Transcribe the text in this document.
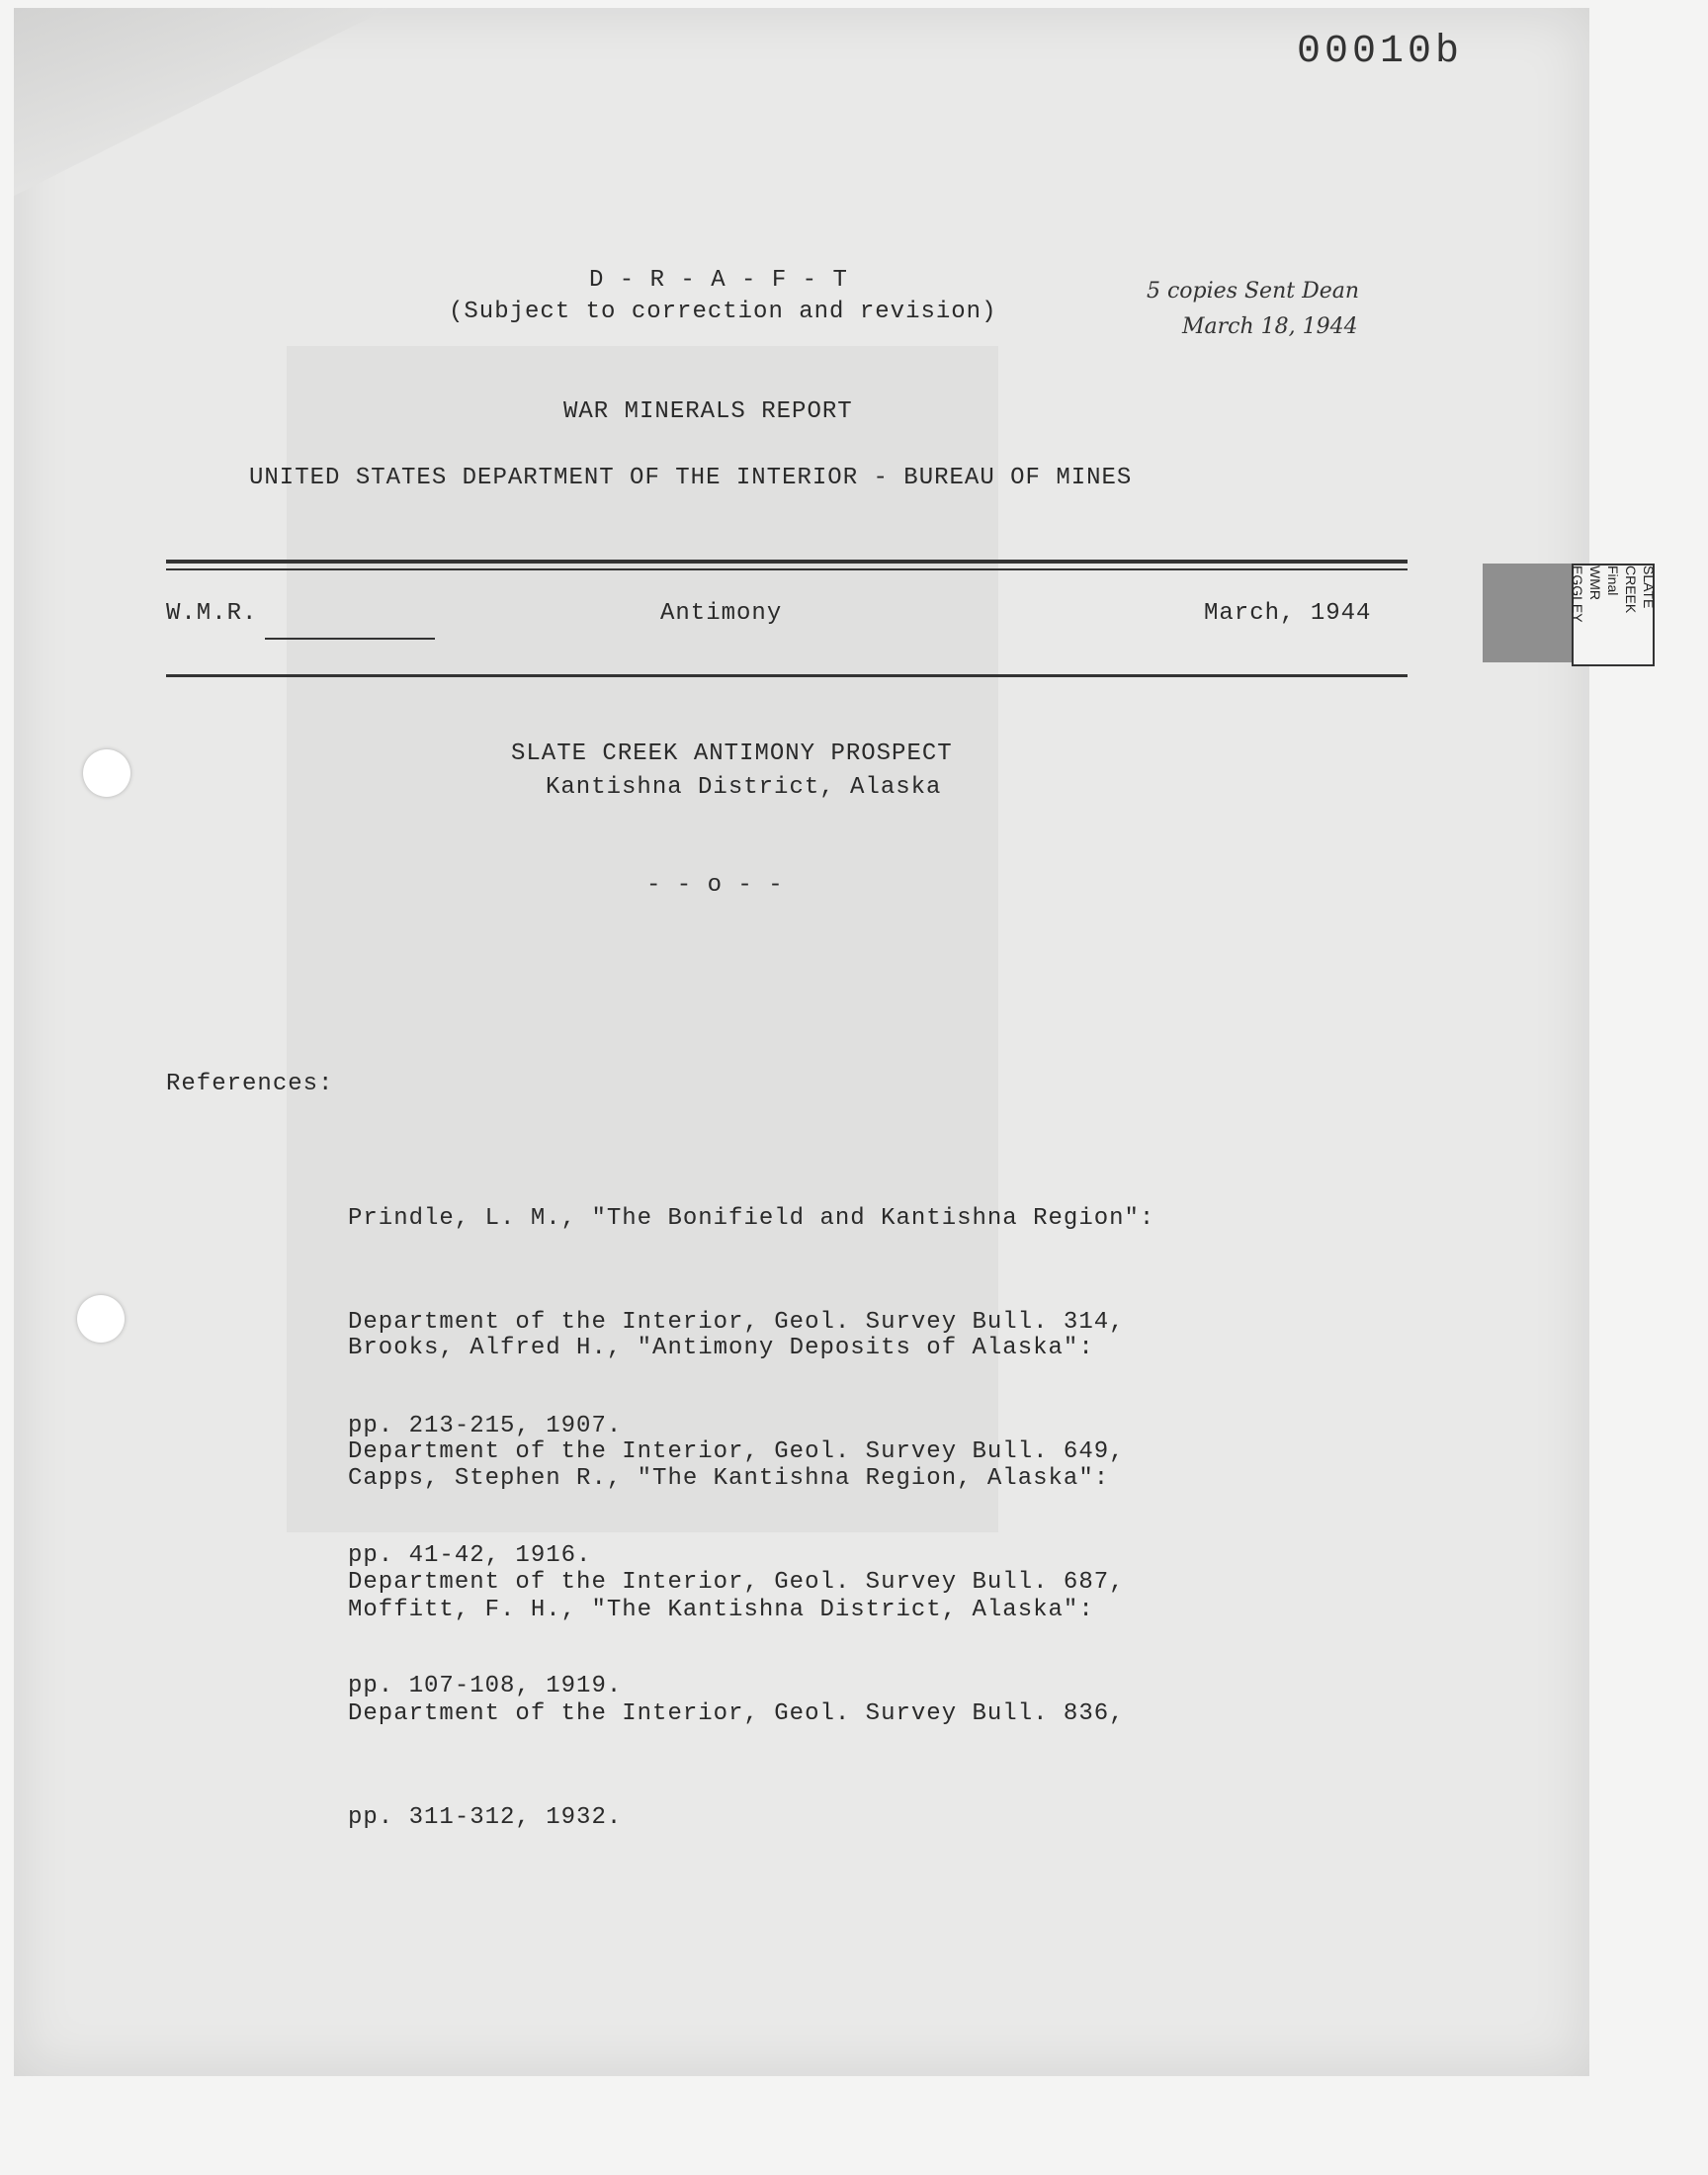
00010b
D - R - A - F - T
(Subject to correction and revision)
5 copies Sent Dean
March 18, 1944
WAR MINERALS REPORT
UNITED STATES DEPARTMENT OF THE INTERIOR - BUREAU OF MINES
W.M.R.	Antimony	March, 1944
SLATE
CREEK
Final
WMR
EGGLEY
SLATE CREEK ANTIMONY PROSPECT
Kantishna District, Alaska
- - o - -
References:

Prindle, L. M., "The Bonifield and Kantishna Region":

Department of the Interior, Geol. Survey Bull. 314,

pp. 213-215, 1907.

Brooks, Alfred H., "Antimony Deposits of Alaska":

Department of the Interior, Geol. Survey Bull. 649,

pp. 41-42, 1916.

Capps, Stephen R., "The Kantishna Region, Alaska":

Department of the Interior, Geol. Survey Bull. 687,

pp. 107-108, 1919.

Moffitt, F. H., "The Kantishna District, Alaska":

Department of the Interior, Geol. Survey Bull. 836,

pp. 311-312, 1932.
